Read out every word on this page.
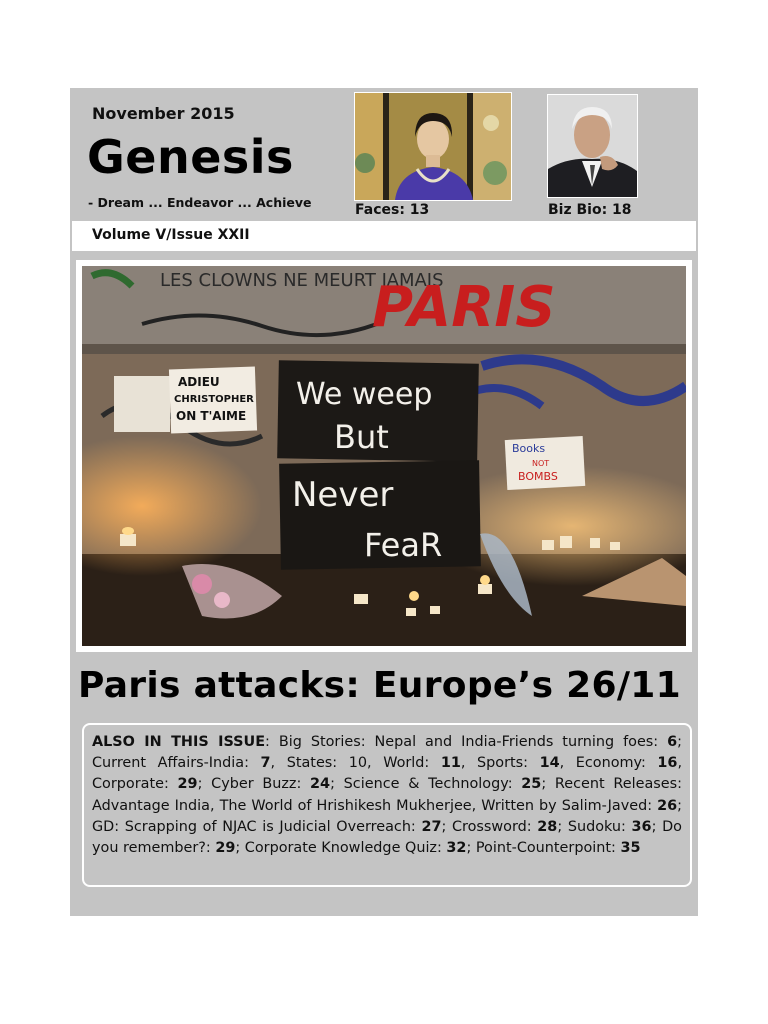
November 2015
Genesis
- Dream ... Endeavor ... Achieve	Faces: 13	Biz Bio: 18
Volume V/Issue XXII
LES CLOWNS NE MEURT JAMAIS
PARIS
ADIEU
CHRISTOPHER
ON T'AIME
We weep
But
Never
FeaR
Books
NOT
BOMBS
Paris attacks: Europe’s 26/11
ALSO IN THIS ISSUE: Big Stories: Nepal and India-Friends turning foes: 6; Current Affairs-India: 7, States: 10, World: 11, Sports: 14, Economy: 16, Corporate: 29; Cyber Buzz: 24; Science & Technology: 25; Recent Releases: Advantage India, The World of Hrishikesh Mukherjee, Written by Salim-Javed: 26; GD: Scrapping of NJAC is Judicial Overreach: 27; Crossword: 28; Sudoku: 36; Do you remember?: 29; Corporate Knowledge Quiz: 32; Point-Counterpoint: 35
